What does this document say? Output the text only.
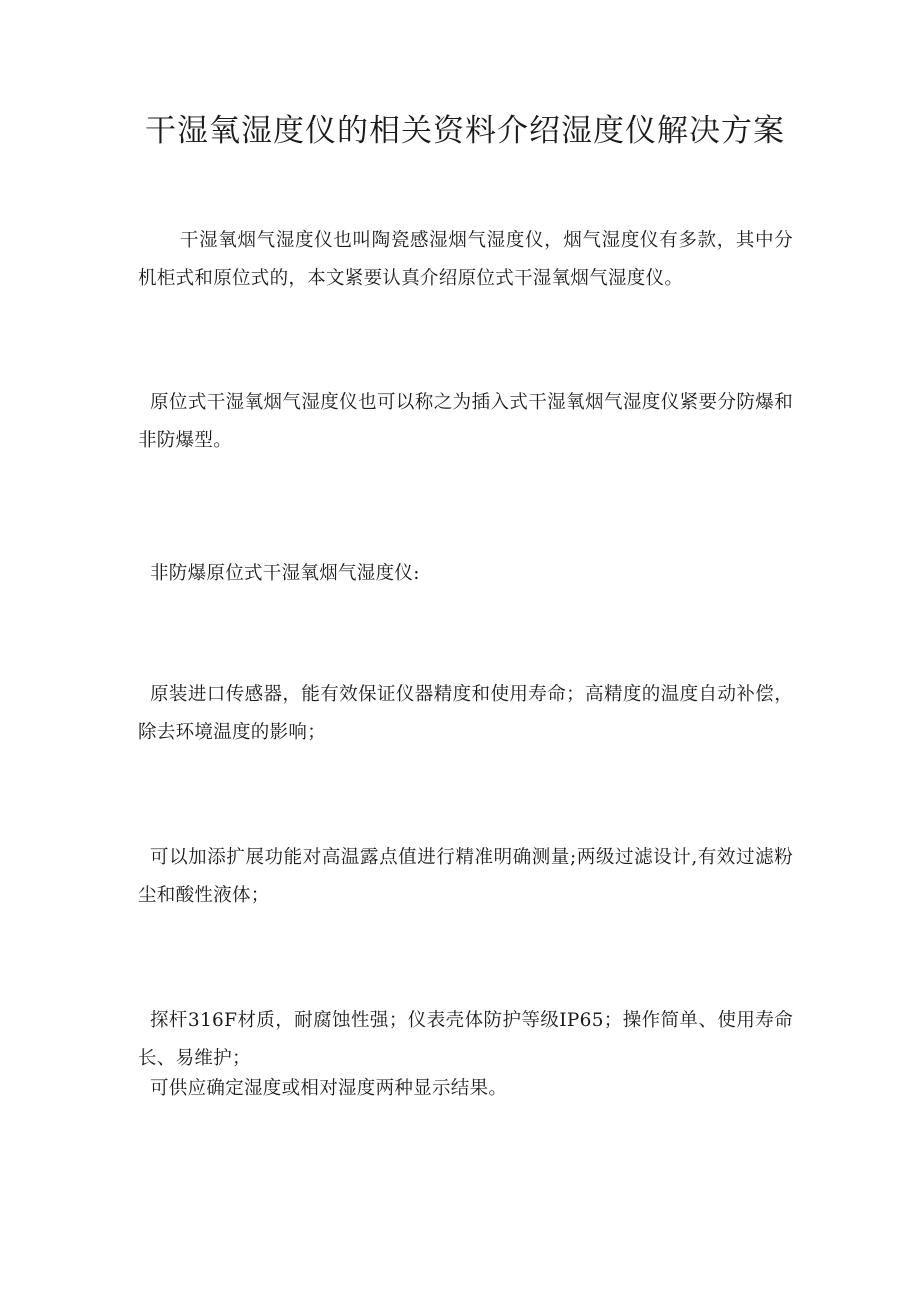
干湿氧湿度仪的相关资料介绍湿度仪解决方案

干湿氧烟气湿度仪也叫陶瓷感湿烟气湿度仪，烟气湿度仪有多款，其中分机柜式和原位式的，本文紧要认真介绍原位式干湿氧烟气湿度仪。

原位式干湿氧烟气湿度仪也可以称之为插入式干湿氧烟气湿度仪紧要分防爆和非防爆型。

非防爆原位式干湿氧烟气湿度仪:

原装进口传感器，能有效保证仪器精度和使用寿命；高精度的温度自动补偿，除去环境温度的影响；

可以加添扩展功能对高温露点值进行精准明确测量;两级过滤设计,有效过滤粉尘和酸性液体；

探杆316F材质，耐腐蚀性强；仪表壳体防护等级IP65；操作简单、使用寿命长、易维护；

可供应确定湿度或相对湿度两种显示结果。
